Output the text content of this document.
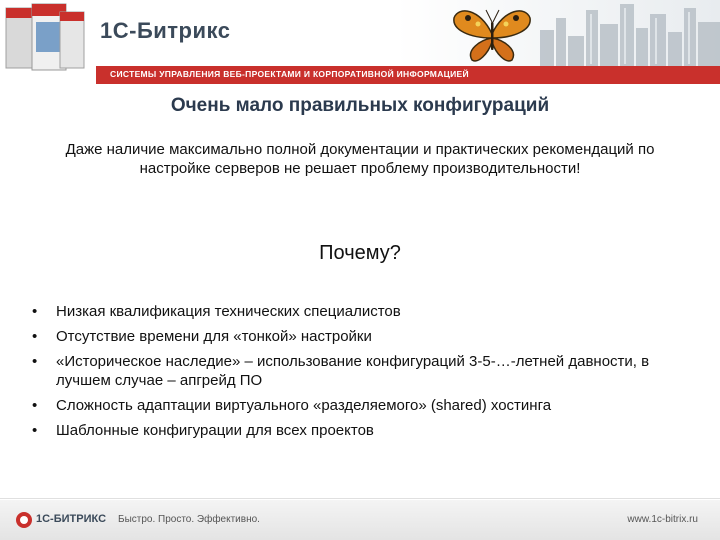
1С-Битрикс
СИСТЕМЫ УПРАВЛЕНИЯ ВЕБ-ПРОЕКТАМИ И КОРПОРАТИВНОЙ ИНФОРМАЦИЕЙ
Очень мало правильных конфигураций
Даже наличие максимально полной документации и практических рекомендаций по настройке серверов не решает проблему производительности!
Почему?
• Низкая квалификация технических специалистов
• Отсутствие времени для «тонкой» настройки
• «Историческое наследие» – использование конфигураций 3-5-…-летней давности, в лучшем случае – апгрейд ПО
• Сложность адаптации виртуального «разделяемого» (shared) хостинга
• Шаблонные конфигурации для всех проектов
1С-БИТРИКС Быстро. Просто. Эффективно.	www.1c-bitrix.ru
